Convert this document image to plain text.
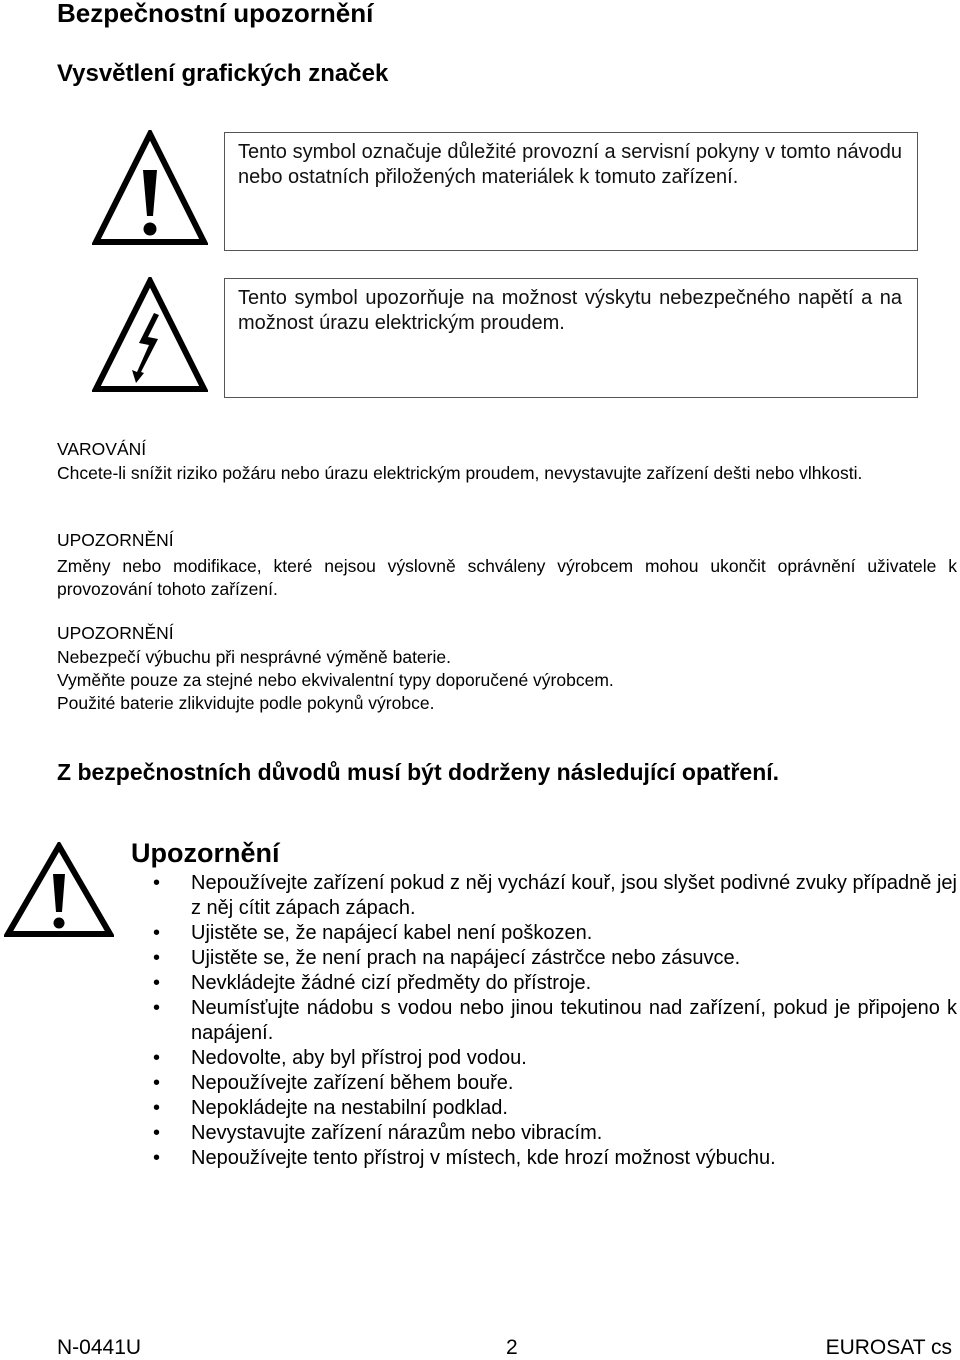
Bezpečnostní upozornění
Vysvětlení grafických značek
Tento symbol označuje důležité provozní a servisní pokyny v tomto návodu nebo ostatních přiložených materiálek k tomuto zařízení.
Tento symbol upozorňuje na možnost výskytu nebezpečného napětí a na možnost úrazu elektrickým proudem.
VAROVÁNÍ
Chcete-li snížit riziko požáru nebo úrazu elektrickým proudem, nevystavujte zařízení dešti nebo vlhkosti.
UPOZORNĚNÍ
Změny nebo modifikace, které nejsou výslovně schváleny výrobcem mohou ukončit oprávnění uživatele k provozování tohoto zařízení.
UPOZORNĚNÍ
Nebezpečí výbuchu při nesprávné výměně baterie.
Vyměňte pouze za stejné nebo ekvivalentní typy doporučené výrobcem.
Použité baterie zlikvidujte podle pokynů výrobce.
Z bezpečnostních důvodů musí být dodrženy následující opatření.
Upozornění
• Nepoužívejte zařízení pokud z něj vychází kouř, jsou slyšet podivné zvuky případně jej z něj cítit zápach zápach.
• Ujistěte se, že napájecí kabel není poškozen.
• Ujistěte se, že není prach na napájecí zástrčce nebo zásuvce.
• Nevkládejte žádné cizí předměty do přístroje.
• Neumísťujte nádobu s vodou nebo jinou tekutinou nad zařízení, pokud je připojeno k napájení.
• Nedovolte, aby byl přístroj pod vodou.
• Nepoužívejte zařízení během bouře.
• Nepokládejte na nestabilní podklad.
• Nevystavujte zařízení nárazům nebo vibracím.
• Nepoužívejte tento přístroj v místech, kde hrozí možnost výbuchu.
N-0441U	2	EUROSAT cs
